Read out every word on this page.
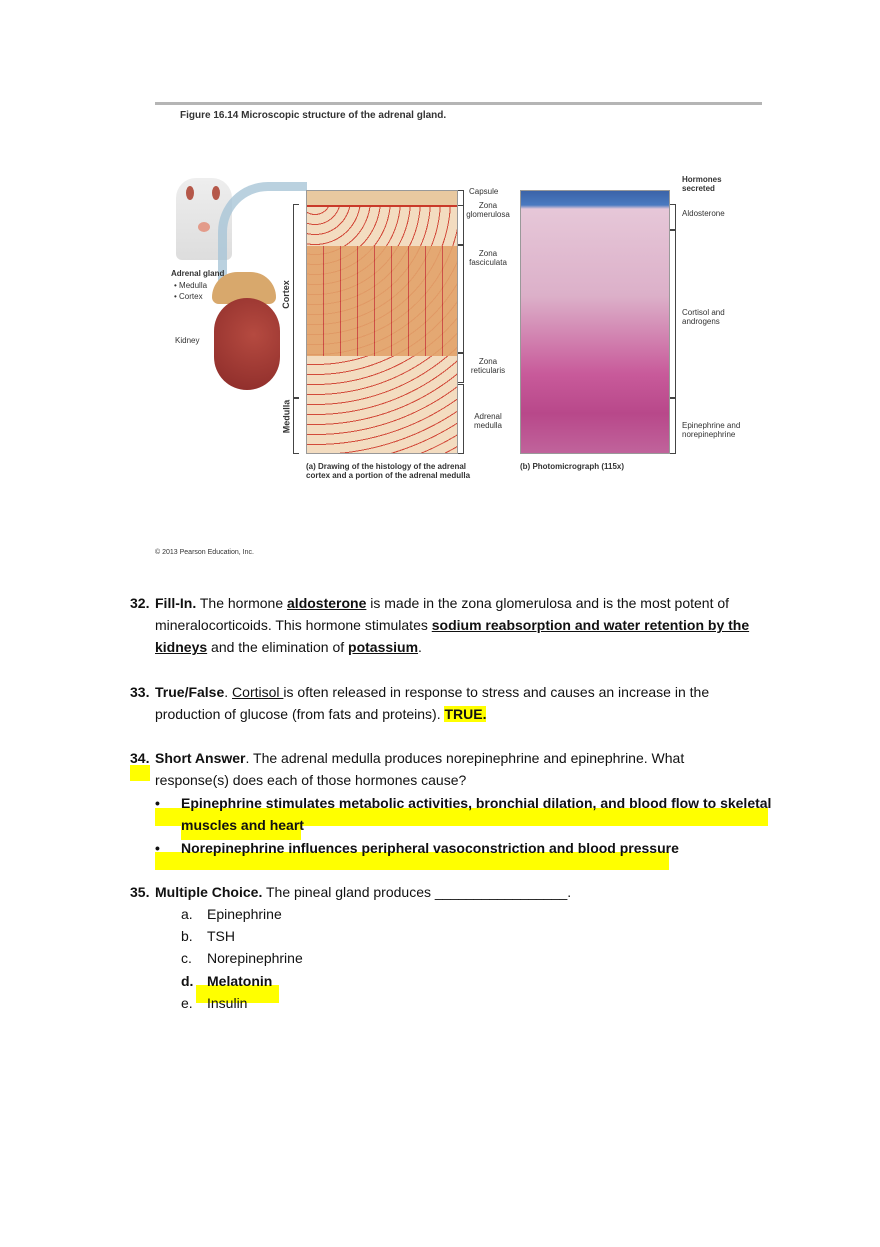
Figure 16.14 Microscopic structure of the adrenal gland.
Adrenal gland
• Medulla
• Cortex
Kidney
Cortex
Medulla
Capsule
Zona glomerulosa
Zona fasciculata
Zona reticularis
Adrenal medulla
Hormones secreted
Aldosterone
Cortisol and androgens
Epinephrine and norepinephrine
(a) Drawing of the histology of the adrenal cortex and a portion of the adrenal medulla
(b) Photomicrograph (115x)
© 2013 Pearson Education, Inc.
32. Fill-In. The hormone aldosterone is made in the zona glomerulosa and is the most potent of
mineralocorticoids. This hormone stimulates sodium reabsorption and water retention by the
kidneys and the elimination of potassium.
33. True/False. Cortisol is often released in response to stress and causes an increase in the
production of glucose (from fats and proteins). TRUE.
34. Short Answer. The adrenal medulla produces norepinephrine and epinephrine. What
response(s) does each of those hormones cause?
• Epinephrine stimulates metabolic activities, bronchial dilation, and blood flow to skeletal
muscles and heart
• Norepinephrine influences peripheral vasoconstriction and blood pressure
35. Multiple Choice. The pineal gland produces _________________.
a. Epinephrine
b. TSH
c. Norepinephrine
d. Melatonin
e. Insulin
